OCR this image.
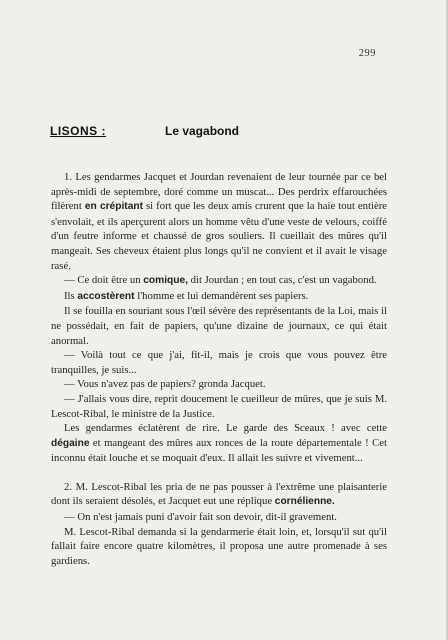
299
LISONS :	Le vagabond

1. Les gendarmes Jacquet et Jourdan revenaient de leur tournée par ce bel après-midi de septembre, doré comme un muscat... Des perdrix effarouchées filèrent en crépitant si fort que les deux amis crurent que la haie tout entière s'envolait, et ils aperçurent alors un homme vêtu d'une veste de velours, coiffé d'un feutre informe et chaussé de gros souliers. Il cueillait des mûres qu'il mangeait. Ses cheveux étaient plus longs qu'il ne convient et il avait le visage rasé.

— Ce doit être un comique, dit Jourdan ; en tout cas, c'est un vagabond.

Ils accostèrent l'homme et lui demandèrent ses papiers.

Il se fouilla en souriant sous l'œil sévère des représentants de la Loi, mais il ne possédait, en fait de papiers, qu'une dizaine de journaux, ce qui était anormal.

— Voilà tout ce que j'ai, fit-il, mais je crois que vous pouvez être tranquilles, je suis...

— Vous n'avez pas de papiers? gronda Jacquet.

— J'allais vous dire, reprit doucement le cueilleur de mûres, que je suis M. Lescot-Ribal, le ministre de la Justice.

Les gendarmes éclatèrent de rire. Le garde des Sceaux ! avec cette dégaine et mangeant des mûres aux ronces de la route départementale ! Cet inconnu était louche et se moquait d'eux. Il allait les suivre et vivement...

2. M. Lescot-Ribal les pria de ne pas pousser à l'extrême une plaisanterie dont ils seraient désolés, et Jacquet eut une réplique cornélienne.

— On n'est jamais puni d'avoir fait son devoir, dit-il gravement.

M. Lescot-Ribal demanda si la gendarmerie était loin, et, lorsqu'il sut qu'il fallait faire encore quatre kilomètres, il proposa une autre promenade à ses gardiens.
